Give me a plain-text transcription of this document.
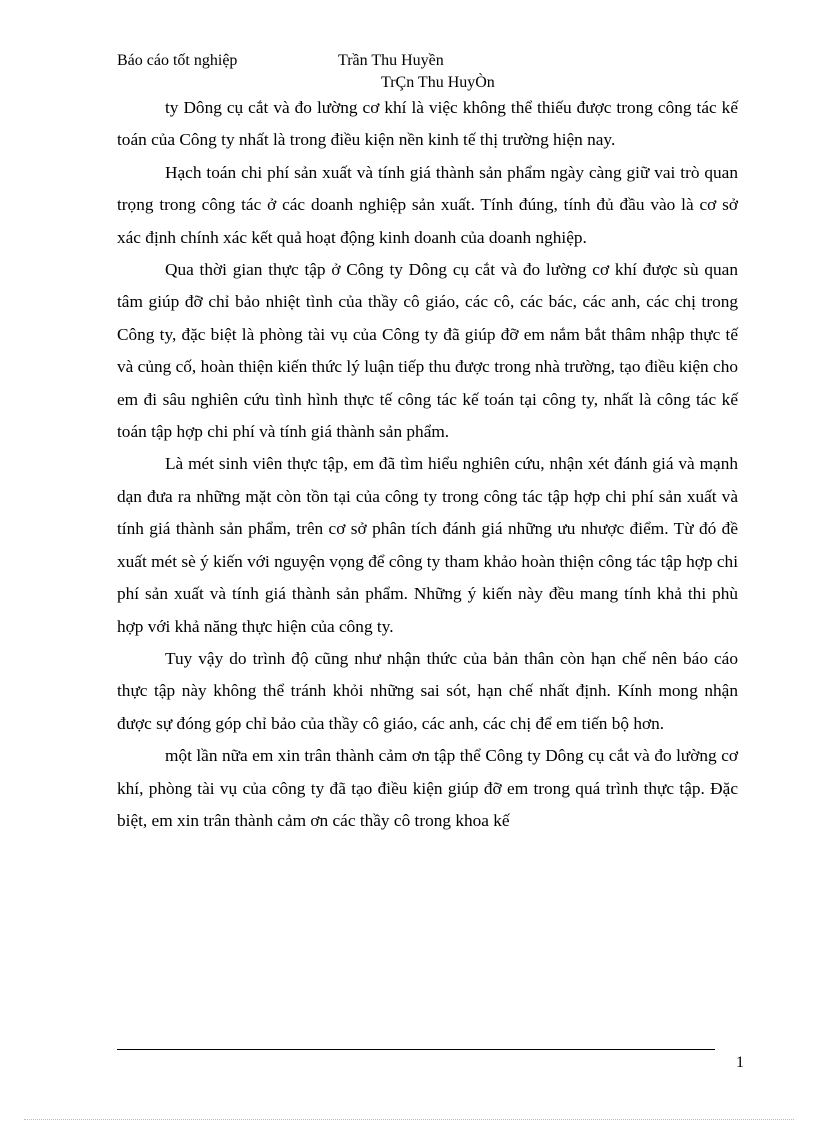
Báo cáo tốt nghiệp	Trần Thu Huyền
TrÇn Thu HuyÒn

ty Dông cụ cắt và đo lường cơ khí là việc không thể thiếu được trong công tác kế toán của Công ty nhất là trong điều kiện nền kinh tế thị trường hiện nay.

Hạch toán chi phí sản xuất và tính giá thành sản phẩm ngày càng giữ vai trò quan trọng trong công tác ở các doanh nghiệp sản xuất. Tính đúng, tính đủ đầu vào là cơ sở xác định chính xác kết quả hoạt động kinh doanh của doanh nghiệp.

Qua thời gian thực tập ở Công ty Dông cụ cắt và đo lường cơ khí được sù quan tâm giúp đỡ chỉ bảo nhiệt tình của thầy cô giáo, các cô, các bác, các anh, các chị trong Công ty, đặc biệt là phòng tài vụ của Công ty đã giúp đỡ em nắm bắt thâm nhập thực tế và củng cố, hoàn thiện kiến thức lý luận tiếp thu được trong nhà trường, tạo điều kiện cho em đi sâu nghiên cứu tình hình thực tế công tác kế toán tại công ty, nhất là công tác kế toán tập hợp chi phí và tính giá thành sản phẩm.

Là mét sinh viên thực tập, em đã tìm hiểu nghiên cứu, nhận xét đánh giá và mạnh dạn đưa ra những mặt còn tồn tại của công ty trong công tác tập hợp chi phí sản xuất và tính giá thành sản phẩm, trên cơ sở phân tích đánh giá những ưu nhược điểm. Từ đó đề xuất mét sè ý kiến với nguyện vọng để công ty tham khảo hoàn thiện công tác tập hợp chi phí sản xuất và tính giá thành sản phẩm. Những ý kiến này đều mang tính khả thi phù hợp với khả năng thực hiện của công ty.

Tuy vậy do trình độ cũng như nhận thức của bản thân còn hạn chế nên báo cáo thực tập này không thể tránh khỏi những sai sót, hạn chế nhất định. Kính mong nhận được sự đóng góp chỉ bảo của thầy cô giáo, các anh, các chị để em tiến bộ hơn.

một lần nữa em xin trân thành cảm ơn tập thể Công ty Dông cụ cắt và đo lường cơ khí, phòng tài vụ của công ty đã tạo điều kiện giúp đỡ em trong quá trình thực tập. Đặc biệt, em xin trân thành cảm ơn các thầy cô trong khoa kế

1
